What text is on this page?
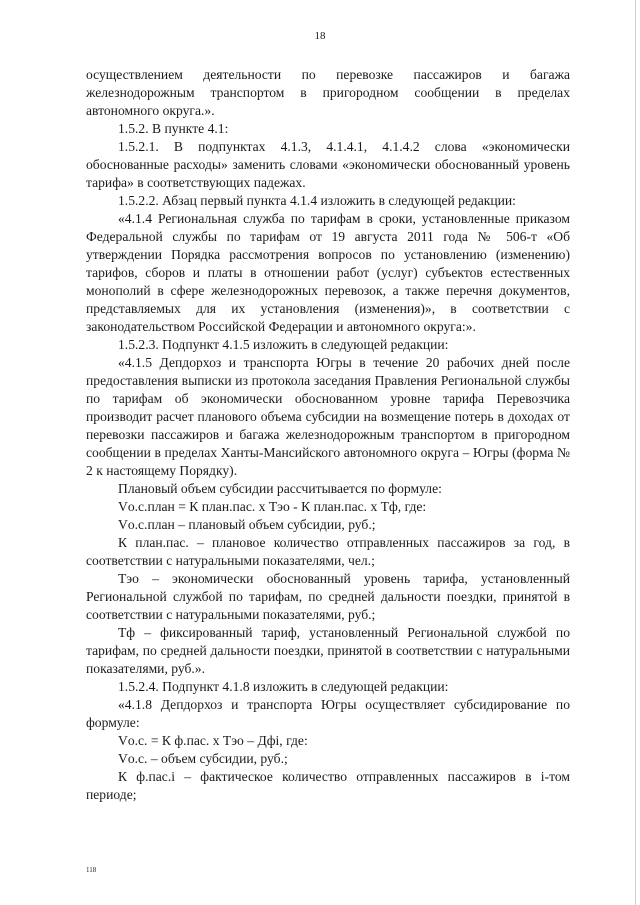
18

осуществлением деятельности по перевозке пассажиров и багажа железнодорожным транспортом в пригородном сообщении в пределах автономного округа.».

1.5.2. В пункте 4.1:

1.5.2.1. В подпунктах 4.1.3, 4.1.4.1, 4.1.4.2 слова «экономически обоснованные расходы» заменить словами «экономически обоснованный уровень тарифа» в соответствующих падежах.

1.5.2.2. Абзац первый пункта 4.1.4 изложить в следующей редакции:

«4.1.4 Региональная служба по тарифам в сроки, установленные приказом Федеральной службы по тарифам от 19 августа 2011 года № 506-т «Об утверждении Порядка рассмотрения вопросов по установлению (изменению) тарифов, сборов и платы в отношении работ (услуг) субъектов естественных монополий в сфере железнодорожных перевозок, а также перечня документов, представляемых для их установления (изменения)», в соответствии с законодательством Российской Федерации и автономного округа:».

1.5.2.3. Подпункт 4.1.5 изложить в следующей редакции:

«4.1.5 Депдорхоз и транспорта Югры в течение 20 рабочих дней после предоставления выписки из протокола заседания Правления Региональной службы по тарифам об экономически обоснованном уровне тарифа Перевозчика производит расчет планового объема субсидии на возмещение потерь в доходах от перевозки пассажиров и багажа железнодорожным транспортом в пригородном сообщении в пределах Ханты-Мансийского автономного округа – Югры (форма № 2 к настоящему Порядку).

Плановый объем субсидии рассчитывается по формуле:

Vо.с.план = К план.пас. х Тэо - К план.пас. х Тф, где:

Vо.с.план – плановый объем субсидии, руб.;

К план.пас. – плановое количество отправленных пассажиров за год, в соответствии с натуральными показателями, чел.;

Тэо – экономически обоснованный уровень тарифа, установленный Региональной службой по тарифам, по средней дальности поездки, принятой в соответствии с натуральными показателями, руб.;

Тф – фиксированный тариф, установленный Региональной службой по тарифам, по средней дальности поездки, принятой в соответствии с натуральными показателями, руб.».

1.5.2.4. Подпункт 4.1.8 изложить в следующей редакции:

«4.1.8 Депдорхоз и транспорта Югры осуществляет субсидирование по формуле:

Vо.с. = К ф.пас. х Тэо – Дфi, где:

Vо.с. – объем субсидии, руб.;

К ф.пас.i – фактическое количество отправленных пассажиров в i-том периоде;

118
